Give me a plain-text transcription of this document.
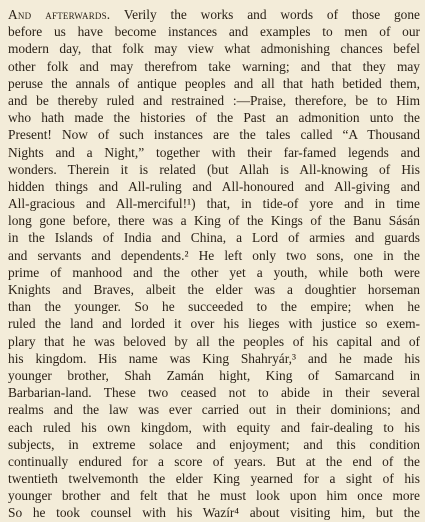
And afterwards. Verily the works and words of those gone
before us have become instances and examples to men of our
modern day, that folk may view what admonishing chances befel
other folk and may therefrom take warning; and that they may
peruse the annals of antique peoples and all that hath betided them,
and be thereby ruled and restrained :—Praise, therefore, be to Him
who hath made the histories of the Past an admonition unto the
Present! Now of such instances are the tales called “A Thousand
Nights and a Night,” together with their far-famed legends and
wonders. Therein it is related (but Allah is All-knowing of His
hidden things and All-ruling and All-honoured and All-giving and
All-gracious and All-merciful!¹) that, in tide-of yore and in time
long gone before, there was a King of the Kings of the Banu Sásán
in the Islands of India and China, a Lord of armies and guards
and servants and dependents.² He left only two sons, one in the
prime of manhood and the other yet a youth, while both were
Knights and Braves, albeit the elder was a doughtier horseman
than the younger. So he succeeded to the empire; when he
ruled the land and lorded it over his lieges with justice so exem-
plary that he was beloved by all the peoples of his capital and of
his kingdom. His name was King Shahryár,³ and he made his
younger brother, Shah Zamán hight, King of Samarcand in
Barbarian-land. These two ceased not to abide in their several
realms and the law was ever carried out in their dominions; and
each ruled his own kingdom, with equity and fair-dealing to his
subjects, in extreme solace and enjoyment; and this condition
continually endured for a score of years. But at the end of the
twentieth twelvemonth the elder King yearned for a sight of his
younger brother and felt that he must look upon him once more
So he took counsel with his Wazír⁴ about visiting him, but the
